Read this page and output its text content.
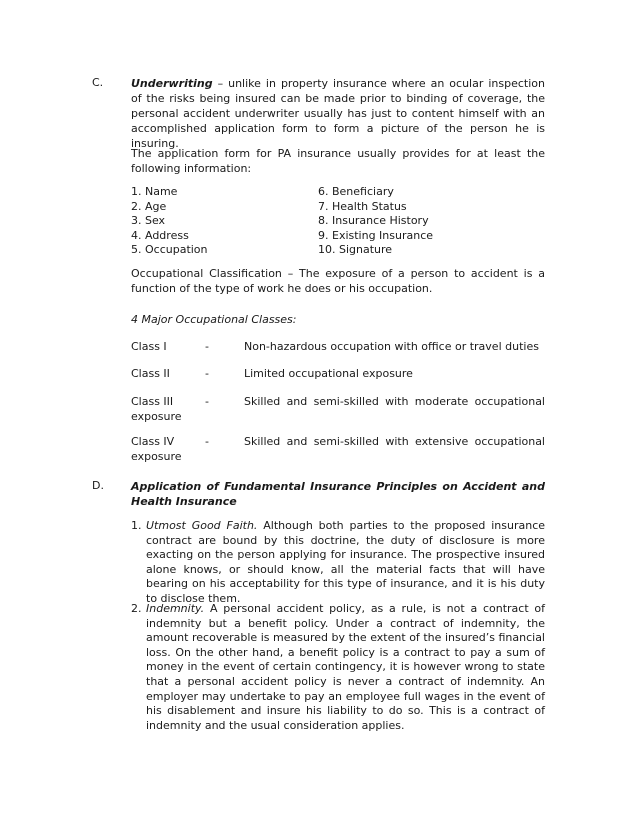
C.	Underwriting – unlike in property insurance where an ocular inspection of the risks being insured can be made prior to binding of coverage, the personal accident underwriter usually has just to content himself with an accomplished application form to form a picture of the person he is insuring.

The application form for PA insurance usually provides for at least the following information:
1. Name
2. Age
3. Sex
4. Address
5. Occupation
6. Beneficiary
7. Health Status
8. Insurance History
9. Existing Insurance
10. Signature
Occupational Classification – The exposure of a person to accident is a function of the type of work he does or his occupation.
4 Major Occupational Classes:
Class I	-	Non-hazardous occupation with office or travel duties
Class II	-	Limited occupational exposure
Class III	-	Skilled and semi-skilled with moderate occupational
exposure
Class IV	-	Skilled and semi-skilled with extensive occupational
exposure
D. Application of Fundamental Insurance Principles on Accident and Health Insurance
1. Utmost Good Faith. Although both parties to the proposed insurance contract are bound by this doctrine, the duty of disclosure is more exacting on the person applying for insurance. The prospective insured alone knows, or should know, all the material facts that will have bearing on his acceptability for this type of insurance, and it is his duty to disclose them.
2. Indemnity. A personal accident policy, as a rule, is not a contract of indemnity but a benefit policy. Under a contract of indemnity, the amount recoverable is measured by the extent of the insured’s financial loss. On the other hand, a benefit policy is a contract to pay a sum of money in the event of certain contingency, it is however wrong to state that a personal accident policy is never a contract of indemnity. An employer may undertake to pay an employee full wages in the event of his disablement and insure his liability to do so. This is a contract of indemnity and the usual consideration applies.
